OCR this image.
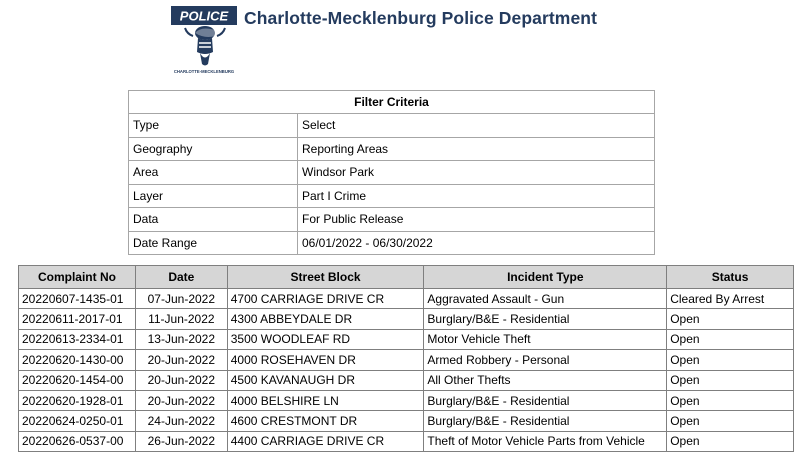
POLICE
CHARLOTTE-MECKLENBURG
Charlotte-Mecklenburg Police Department
Filter Criteria	
Type	Select
Geography	Reporting Areas
Area	Windsor Park
Layer	Part I Crime
Data	For Public Release
Date Range	06/01/2022 - 06/30/2022
Complaint No	Date	Street Block	Incident Type	Status
20220607-1435-01	07-Jun-2022	4700 CARRIAGE DRIVE CR	Aggravated Assault - Gun	Cleared By Arrest
20220611-2017-01	11-Jun-2022	4300 ABBEYDALE DR	Burglary/B&E - Residential	Open
20220613-2334-01	13-Jun-2022	3500 WOODLEAF RD	Motor Vehicle Theft	Open
20220620-1430-00	20-Jun-2022	4000 ROSEHAVEN DR	Armed Robbery - Personal	Open
20220620-1454-00	20-Jun-2022	4500 KAVANAUGH DR	All Other Thefts	Open
20220620-1928-01	20-Jun-2022	4000 BELSHIRE LN	Burglary/B&E - Residential	Open
20220624-0250-01	24-Jun-2022	4600 CRESTMONT DR	Burglary/B&E - Residential	Open
20220626-0537-00	26-Jun-2022	4400 CARRIAGE DRIVE CR	Theft of Motor Vehicle Parts from Vehicle	Open
